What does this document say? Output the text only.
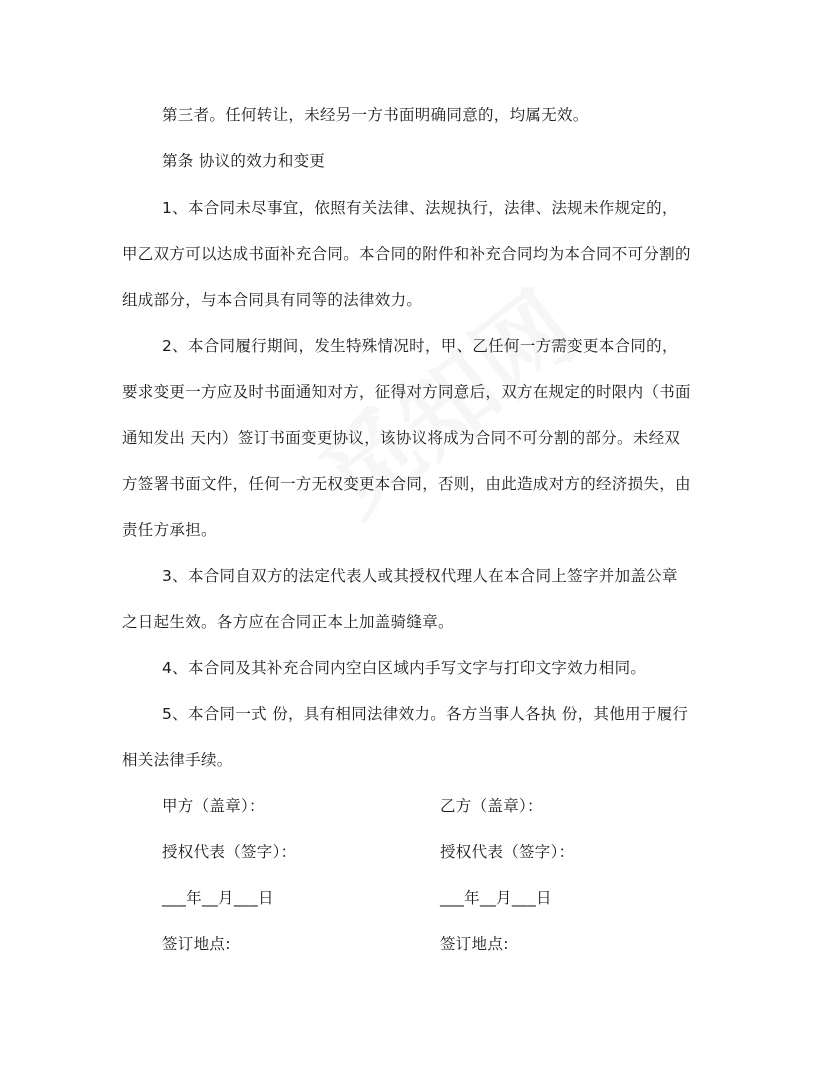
第三者。任何转让，未经另一方书面明确同意的，均属无效。
第条 协议的效力和变更
1、本合同未尽事宜，依照有关法律、法规执行，法律、法规未作规定的，
甲乙双方可以达成书面补充合同。本合同的附件和补充合同均为本合同不可分割的
组成部分，与本合同具有同等的法律效力。
2、本合同履行期间，发生特殊情况时，甲、乙任何一方需变更本合同的，
要求变更一方应及时书面通知对方，征得对方同意后，双方在规定的时限内（书面
通知发出 天内）签订书面变更协议，该协议将成为合同不可分割的部分。未经双
方签署书面文件，任何一方无权变更本合同，否则，由此造成对方的经济损失，由
责任方承担。
3、本合同自双方的法定代表人或其授权代理人在本合同上签字并加盖公章
之日起生效。各方应在合同正本上加盖骑缝章。
4、本合同及其补充合同内空白区域内手写文字与打印文字效力相同。
5、本合同一式 份，具有相同法律效力。各方当事人各执 份，其他用于履行
相关法律手续。
甲方（盖章）：
授权代表（签字）：
___年__月___日
签订地点:
乙方（盖章）：
授权代表（签字）：
___年__月___日
签订地点:
